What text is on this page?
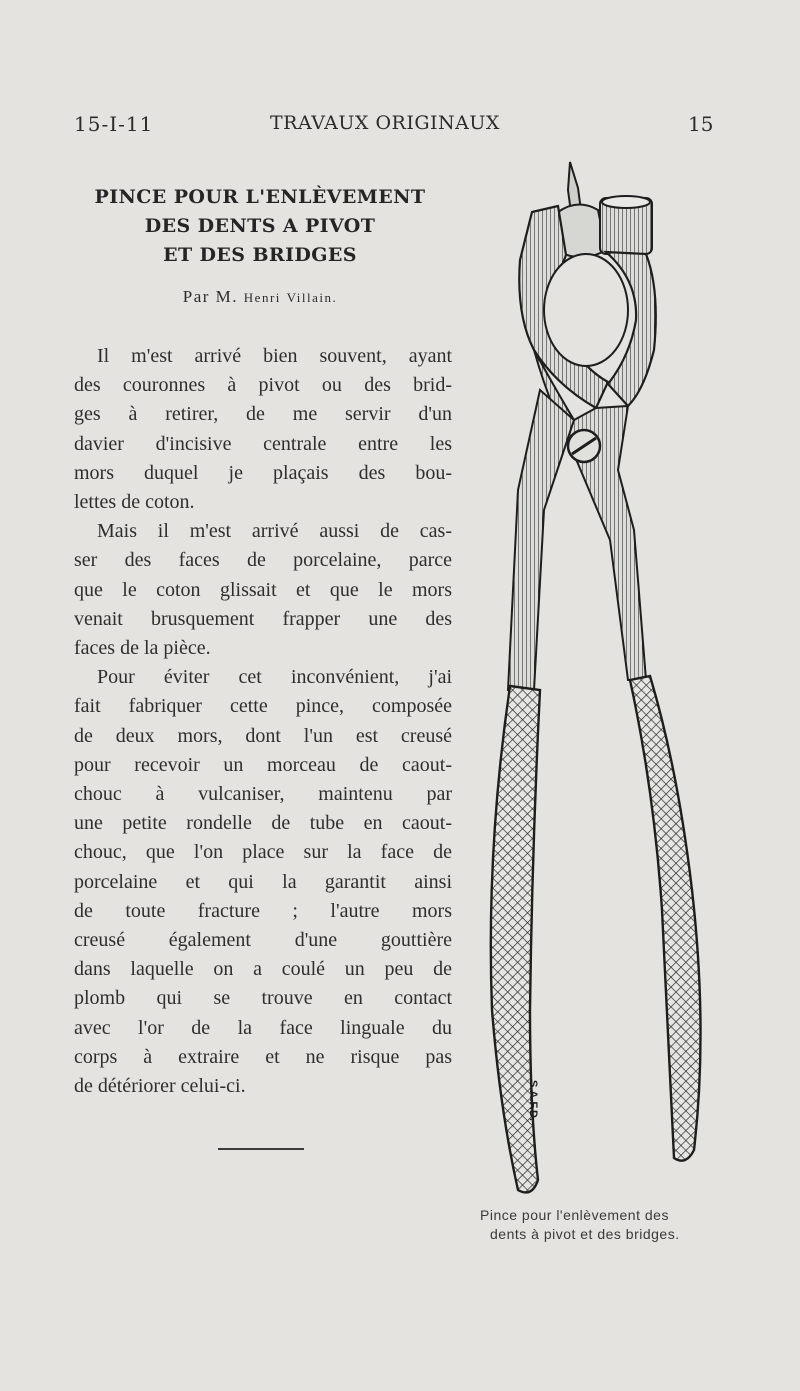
15-I-11	TRAVAUX ORIGINAUX	15
PINCE POUR L'ENLÈVEMENT
DES DENTS A PIVOT
ET DES BRIDGES
Par M. Henri Villain.

Il m'est arrivé bien souvent, ayant
des couronnes à pivot ou des brid-
ges à retirer, de me servir d'un
davier d'incisive centrale entre les
mors duquel je plaçais des bou-
lettes de coton.

Mais il m'est arrivé aussi de cas-
ser des faces de porcelaine, parce
que le coton glissait et que le mors
venait brusquement frapper une des
faces de la pièce.

Pour éviter cet inconvénient, j'ai
fait fabriquer cette pince, composée
de deux mors, dont l'un est creusé
pour recevoir un morceau de caout-
chouc à vulcaniser, maintenu par
une petite rondelle de tube en caout-
chouc, que l'on place sur la face de
porcelaine et qui la garantit ainsi
de toute fracture ; l'autre mors
creusé également d'une gouttière
dans laquelle on a coulé un peu de
plomb qui se trouve en contact
avec l'or de la face linguale du
corps à extraire et ne risque pas
de détériorer celui-ci.	S.A.F.D.
Pince pour l'enlèvement des
dents à pivot et des bridges.
